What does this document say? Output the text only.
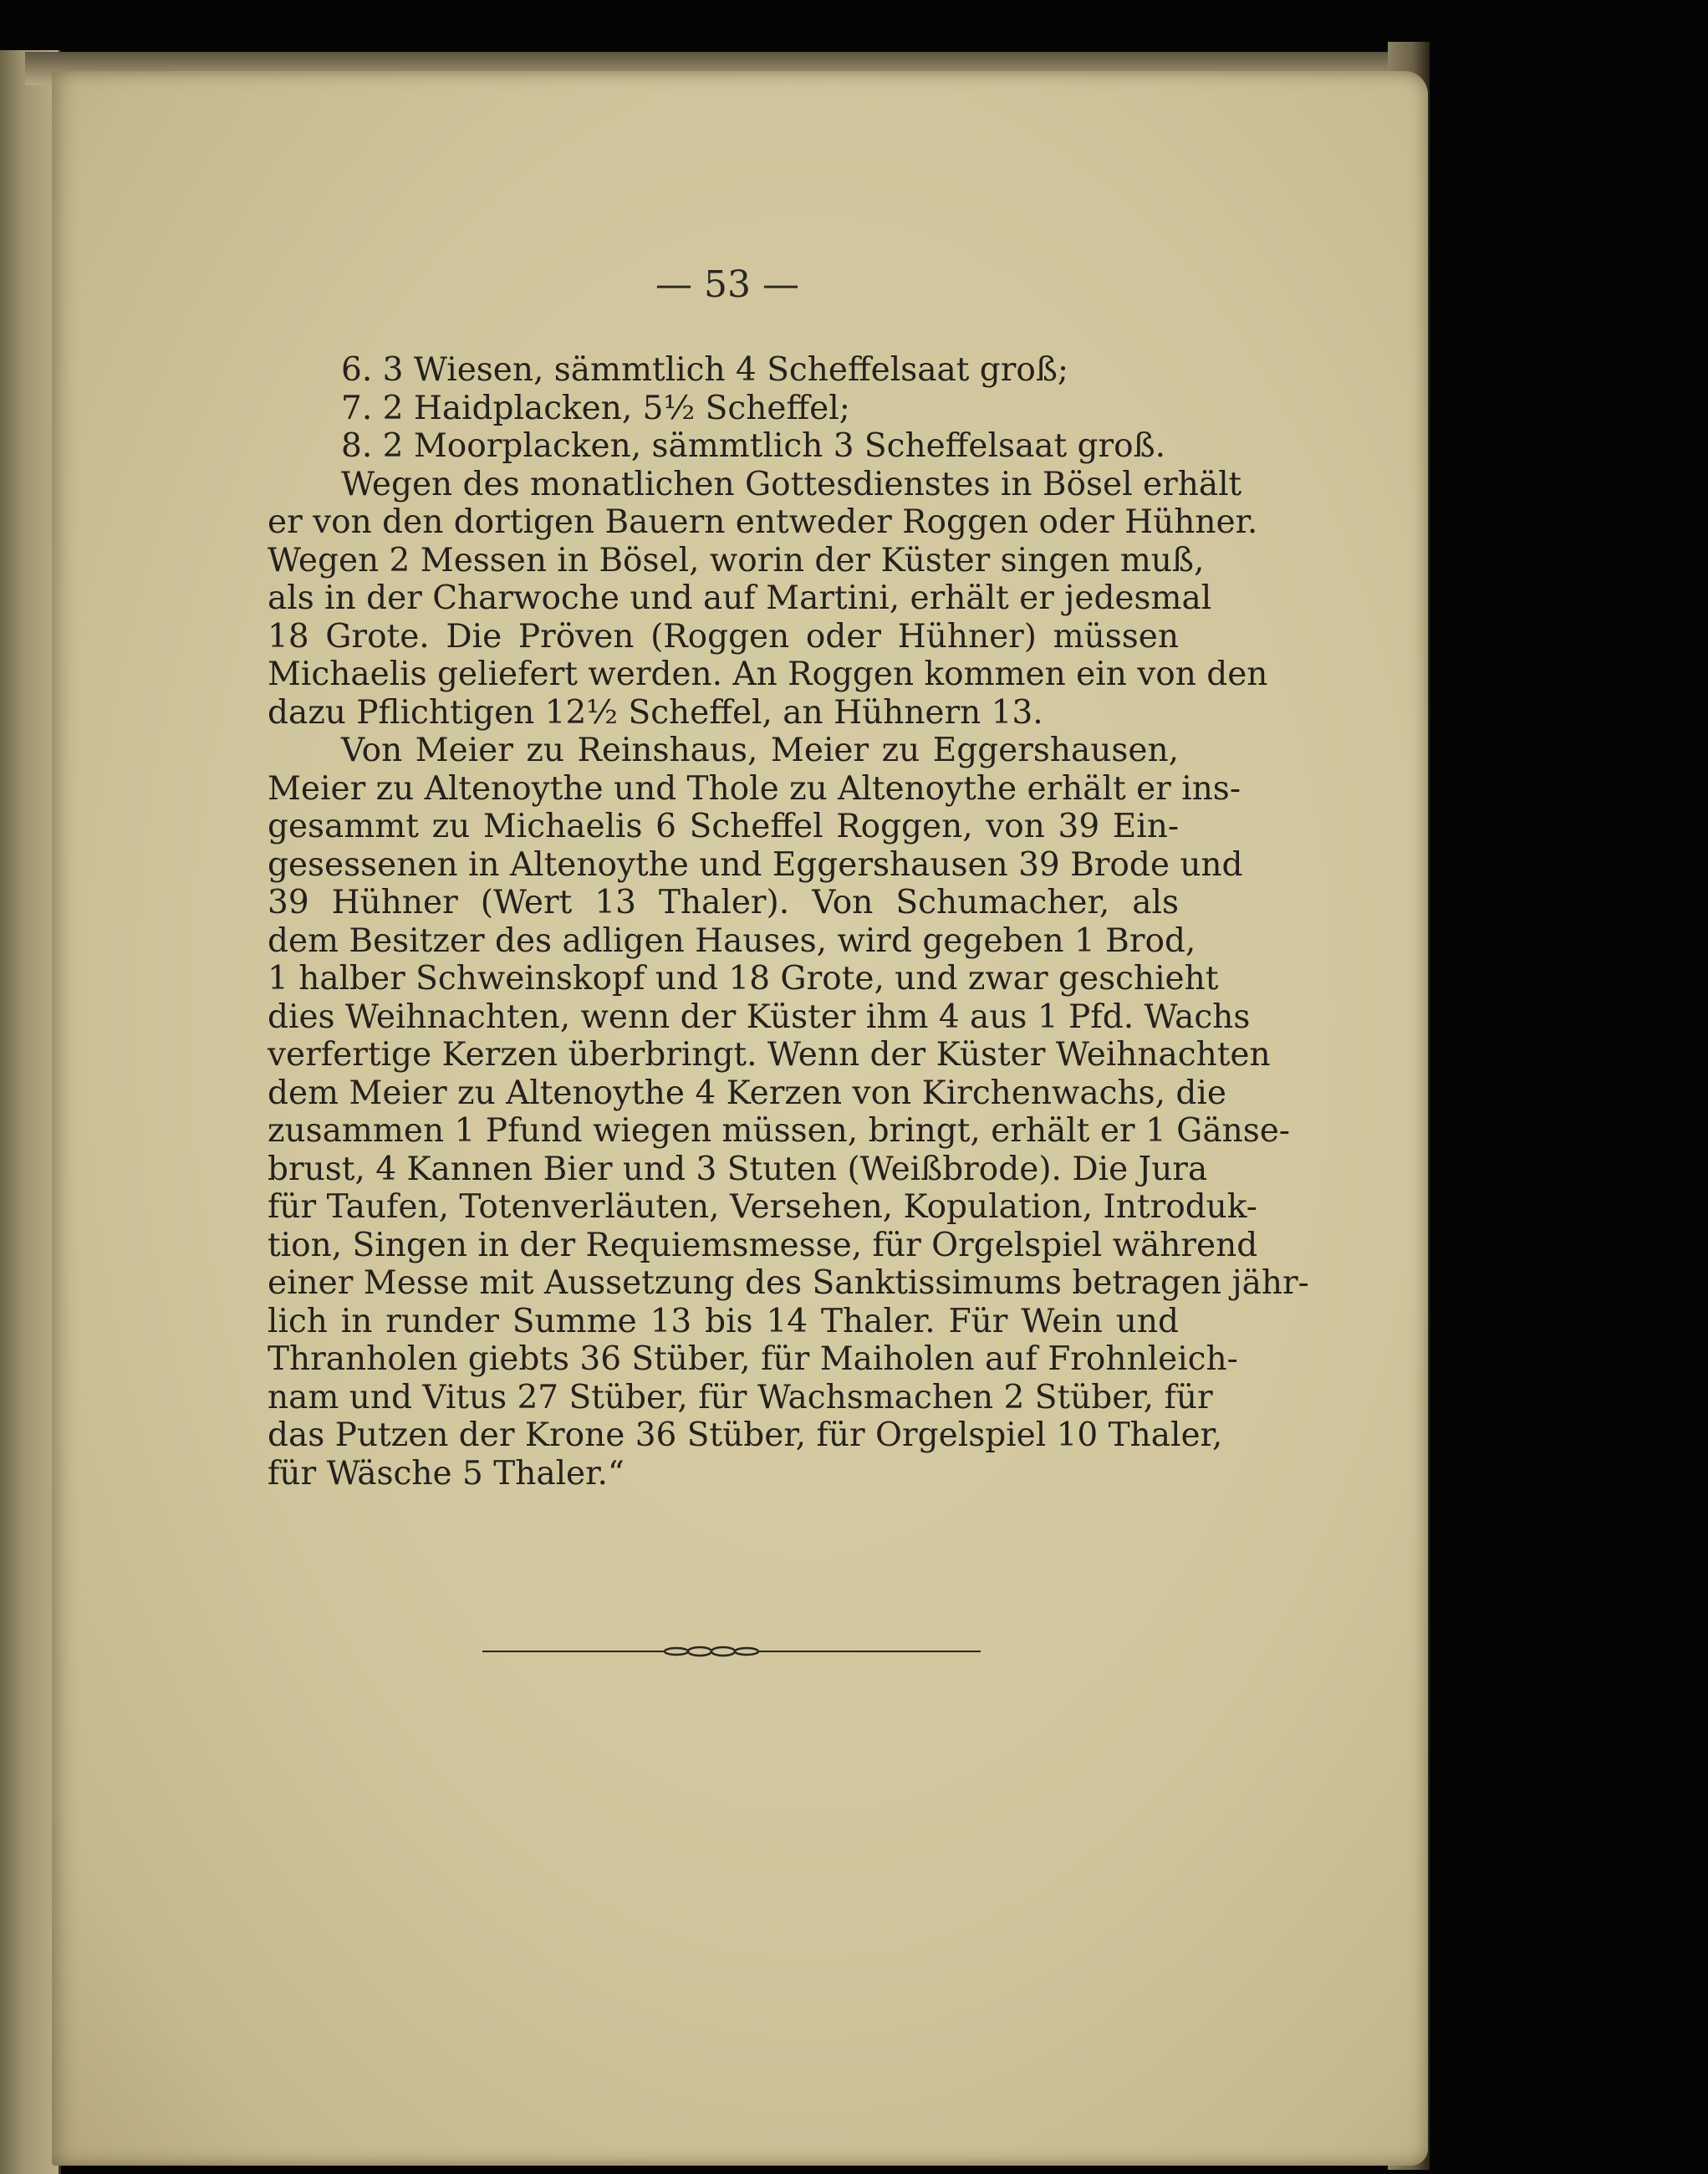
— 53 —
6. 3 Wiesen, sämmtlich 4 Scheffelsaat groß;
7. 2 Haidplacken, 5½ Scheffel;
8. 2 Moorplacken, sämmtlich 3 Scheffelsaat groß.
Wegen des monatlichen Gottesdienstes in Bösel erhält
er von den dortigen Bauern entweder Roggen oder Hühner.
Wegen 2 Messen in Bösel, worin der Küster singen muß,
als in der Charwoche und auf Martini, erhält er jedesmal
18 Grote. Die Pröven (Roggen oder Hühner) müssen
Michaelis geliefert werden. An Roggen kommen ein von den
dazu Pflichtigen 12½ Scheffel, an Hühnern 13.
Von Meier zu Reinshaus, Meier zu Eggershausen,
Meier zu Altenoythe und Thole zu Altenoythe erhält er ins-
gesammt zu Michaelis 6 Scheffel Roggen, von 39 Ein-
gesessenen in Altenoythe und Eggershausen 39 Brode und
39 Hühner (Wert 13 Thaler). Von Schumacher, als
dem Besitzer des adligen Hauses, wird gegeben 1 Brod,
1 halber Schweinskopf und 18 Grote, und zwar geschieht
dies Weihnachten, wenn der Küster ihm 4 aus 1 Pfd. Wachs
verfertige Kerzen überbringt. Wenn der Küster Weihnachten
dem Meier zu Altenoythe 4 Kerzen von Kirchenwachs, die
zusammen 1 Pfund wiegen müssen, bringt, erhält er 1 Gänse-
brust, 4 Kannen Bier und 3 Stuten (Weißbrode). Die Jura
für Taufen, Totenverläuten, Versehen, Kopulation, Introduk-
tion, Singen in der Requiemsmesse, für Orgelspiel während
einer Messe mit Aussetzung des Sanktissimums betragen jähr-
lich in runder Summe 13 bis 14 Thaler. Für Wein und
Thranholen giebts 36 Stüber, für Maiholen auf Frohnleich-
nam und Vitus 27 Stüber, für Wachsmachen 2 Stüber, für
das Putzen der Krone 36 Stüber, für Orgelspiel 10 Thaler,
für Wäsche 5 Thaler.“
